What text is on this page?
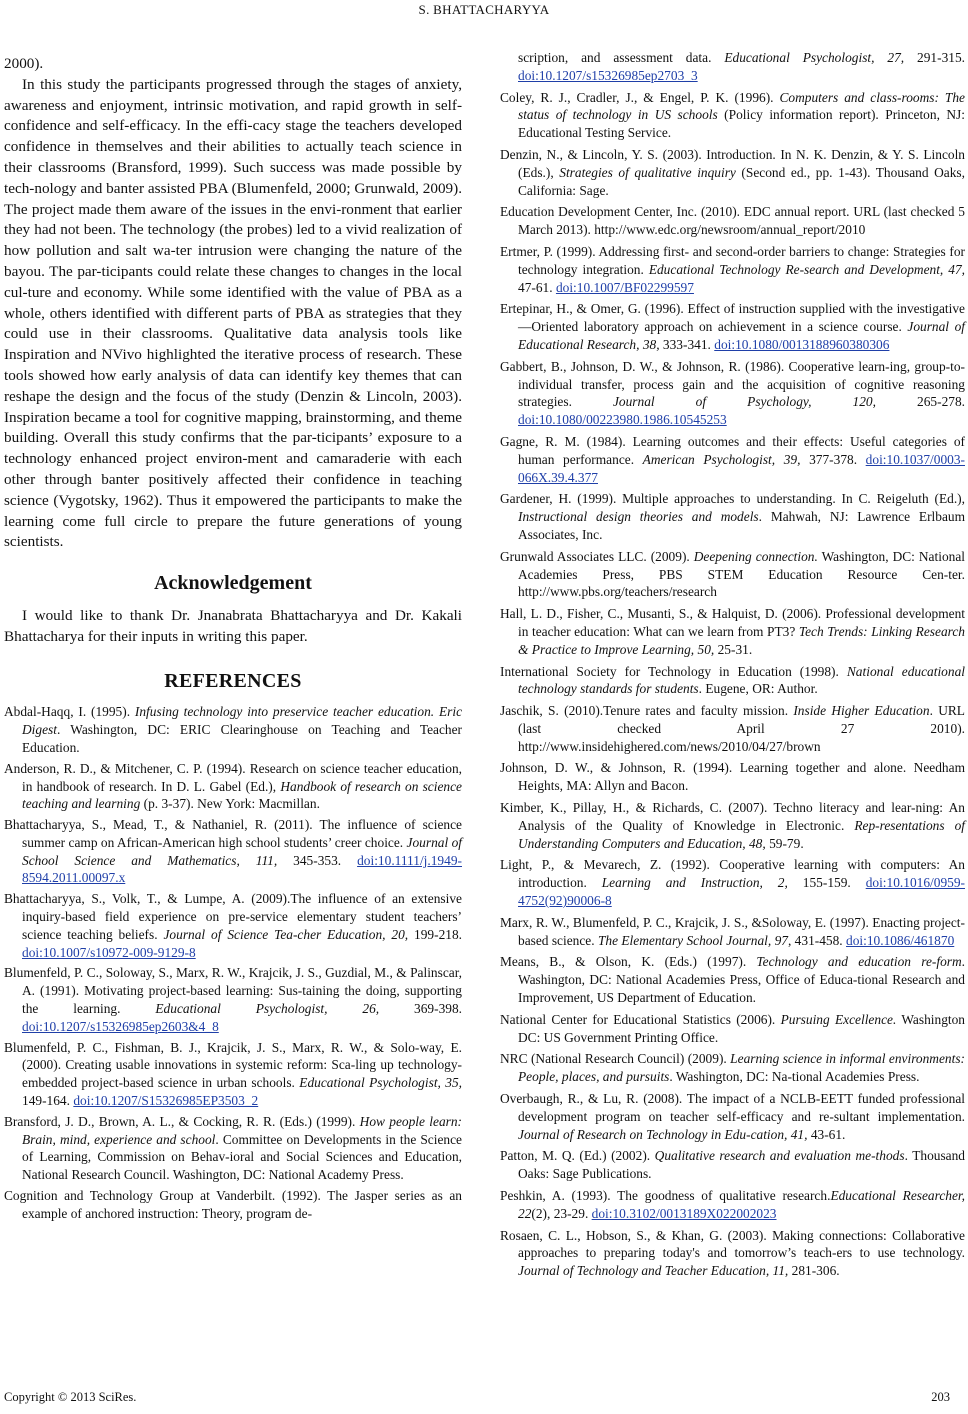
S. BHATTACHARYYA

2000).

In this study the participants progressed through the stages of anxiety, awareness and enjoyment, intrinsic motivation, and rapid growth in self-confidence and self-efficacy. In the effi-cacy stage the teachers developed confidence in themselves and their abilities to actually teach science in their classrooms (Bransford, 1999). Such success was made possible by tech-nology and banter assisted PBA (Blumenfeld, 2000; Grunwald, 2009). The project made them aware of the issues in the envi-ronment that earlier they had not been. The technology (the probes) led to a vivid realization of how pollution and salt wa-ter intrusion were changing the nature of the bayou. The par-ticipants could relate these changes to changes in the local cul-ture and economy. While some identified with the value of PBA as a whole, others identified with different parts of PBA as strategies that they could use in their classrooms. Qualitative data analysis tools like Inspiration and NVivo highlighted the iterative process of research. These tools showed how early analysis of data can identify key themes that can reshape the design and the focus of the study (Denzin & Lincoln, 2003). Inspiration became a tool for cognitive mapping, brainstorming, and theme building. Overall this study confirms that the par-ticipants’ exposure to a technology enhanced project environ-ment and camaraderie with each other through banter positively affected their confidence in teaching science (Vygotsky, 1962). Thus it empowered the participants to make the learning come full circle to prepare the future generations of young scientists.

Acknowledgement

I would like to thank Dr. Jnanabrata Bhattacharyya and Dr. Kakali Bhattacharya for their inputs in writing this paper.

REFERENCES
Abdal-Haqq, I. (1995). Infusing technology into preservice teacher education. Eric Digest. Washington, DC: ERIC Clearinghouse on Teaching and Teacher Education.
Anderson, R. D., & Mitchener, C. P. (1994). Research on science teacher education, in handbook of research. In D. L. Gabel (Ed.), Handbook of research on science teaching and learning (p. 3-37). New York: Macmillan.
Bhattacharyya, S., Mead, T., & Nathaniel, R. (2011). The influence of science summer camp on African-American high school students’ creer choice. Journal of School Science and Mathematics, 111, 345-353. doi:10.1111/j.1949-8594.2011.00097.x
Bhattacharyya, S., Volk, T., & Lumpe, A. (2009).The influence of an extensive inquiry-based field experience on pre-service elementary student teachers’ science teaching beliefs. Journal of Science Tea-cher Education, 20, 199-218. doi:10.1007/s10972-009-9129-8
Blumenfeld, P. C., Soloway, S., Marx, R. W., Krajcik, J. S., Guzdial, M., & Palinscar, A. (1991). Motivating project-based learning: Sus-taining the doing, supporting the learning. Educational Psychologist, 26, 369-398. doi:10.1207/s15326985ep2603&4_8
Blumenfeld, P. C., Fishman, B. J., Krajcik, J. S., Marx, R. W., & Solo-way, E. (2000). Creating usable innovations in systemic reform: Sca-ling up technology-embedded project-based science in urban schools. Educational Psychologist, 35, 149-164. doi:10.1207/S15326985EP3503_2
Bransford, J. D., Brown, A. L., & Cocking, R. R. (Eds.) (1999). How people learn: Brain, mind, experience and school. Committee on Developments in the Science of Learning, Commission on Behav-ioral and Social Sciences and Education, National Research Council. Washington, DC: National Academy Press.
Cognition and Technology Group at Vanderbilt. (1992). The Jasper series as an example of anchored instruction: Theory, program de-
scription, and assessment data. Educational Psychologist, 27, 291-315. doi:10.1207/s15326985ep2703_3
Coley, R. J., Cradler, J., & Engel, P. K. (1996). Computers and class-rooms: The status of technology in US schools (Policy information report). Princeton, NJ: Educational Testing Service.
Denzin, N., & Lincoln, Y. S. (2003). Introduction. In N. K. Denzin, & Y. S. Lincoln (Eds.), Strategies of qualitative inquiry (Second ed., pp. 1-43). Thousand Oaks, California: Sage.
Education Development Center, Inc. (2010). EDC annual report. URL (last checked 5 March 2013). http://www.edc.org/newsroom/annual_report/2010
Ertmer, P. (1999). Addressing first- and second-order barriers to change: Strategies for technology integration. Educational Technology Re-search and Development, 47, 47-61. doi:10.1007/BF02299597
Ertepinar, H., & Omer, G. (1996). Effect of instruction supplied with the investigative—Oriented laboratory approach on achievement in a science course. Journal of Educational Research, 38, 333-341. doi:10.1080/0013188960380306
Gabbert, B., Johnson, D. W., & Johnson, R. (1986). Cooperative learn-ing, group-to-individual transfer, process gain and the acquisition of cognitive reasoning strategies. Journal of Psychology, 120, 265-278. doi:10.1080/00223980.1986.10545253
Gagne, R. M. (1984). Learning outcomes and their effects: Useful categories of human performance. American Psychologist, 39, 377-378. doi:10.1037/0003-066X.39.4.377
Gardener, H. (1999). Multiple approaches to understanding. In C. Reigeluth (Ed.), Instructional design theories and models. Mahwah, NJ: Lawrence Erlbaum Associates, Inc.
Grunwald Associates LLC. (2009). Deepening connection. Washington, DC: National Academies Press, PBS STEM Education Resource Cen-ter. http://www.pbs.org/teachers/research
Hall, L. D., Fisher, C., Musanti, S., & Halquist, D. (2006). Professional development in teacher education: What can we learn from PT3? Tech Trends: Linking Research & Practice to Improve Learning, 50, 25-31.
International Society for Technology in Education (1998). National educational technology standards for students. Eugene, OR: Author.
Jaschik, S. (2010).Tenure rates and faculty mission. Inside Higher Education. URL (last checked April 27 2010). http://www.insidehighered.com/news/2010/04/27/brown
Johnson, D. W., & Johnson, R. (1994). Learning together and alone. Needham Heights, MA: Allyn and Bacon.
Kimber, K., Pillay, H., & Richards, C. (2007). Techno literacy and lear-ning: An Analysis of the Quality of Knowledge in Electronic. Rep-resentations of Understanding Computers and Education, 48, 59-79.
Light, P., & Mevarech, Z. (1992). Cooperative learning with computers: An introduction. Learning and Instruction, 2, 155-159. doi:10.1016/0959-4752(92)90006-8
Marx, R. W., Blumenfeld, P. C., Krajcik, J. S., &Soloway, E. (1997). Enacting project-based science. The Elementary School Journal, 97, 431-458. doi:10.1086/461870
Means, B., & Olson, K. (Eds.) (1997). Technology and education re-form. Washington, DC: National Academies Press, Office of Educa-tional Research and Improvement, US Department of Education.
National Center for Educational Statistics (2006). Pursuing Excellence. Washington DC: US Government Printing Office.
NRC (National Research Council) (2009). Learning science in informal environments: People, places, and pursuits. Washington, DC: Na-tional Academies Press.
Overbaugh, R., & Lu, R. (2008). The impact of a NCLB-EETT funded professional development program on teacher self-efficacy and re-sultant implementation. Journal of Research on Technology in Edu-cation, 41, 43-61.
Patton, M. Q. (Ed.) (2002). Qualitative research and evaluation me-thods. Thousand Oaks: Sage Publications.
Peshkin, A. (1993). The goodness of qualitative research.Educational Researcher, 22(2), 23-29. doi:10.3102/0013189X022002023
Rosaen, C. L., Hobson, S., & Khan, G. (2003). Making connections: Collaborative approaches to preparing today's and tomorrow’s teach-ers to use technology. Journal of Technology and Teacher Education, 11, 281-306.
Copyright © 2013 SciRes.	203
